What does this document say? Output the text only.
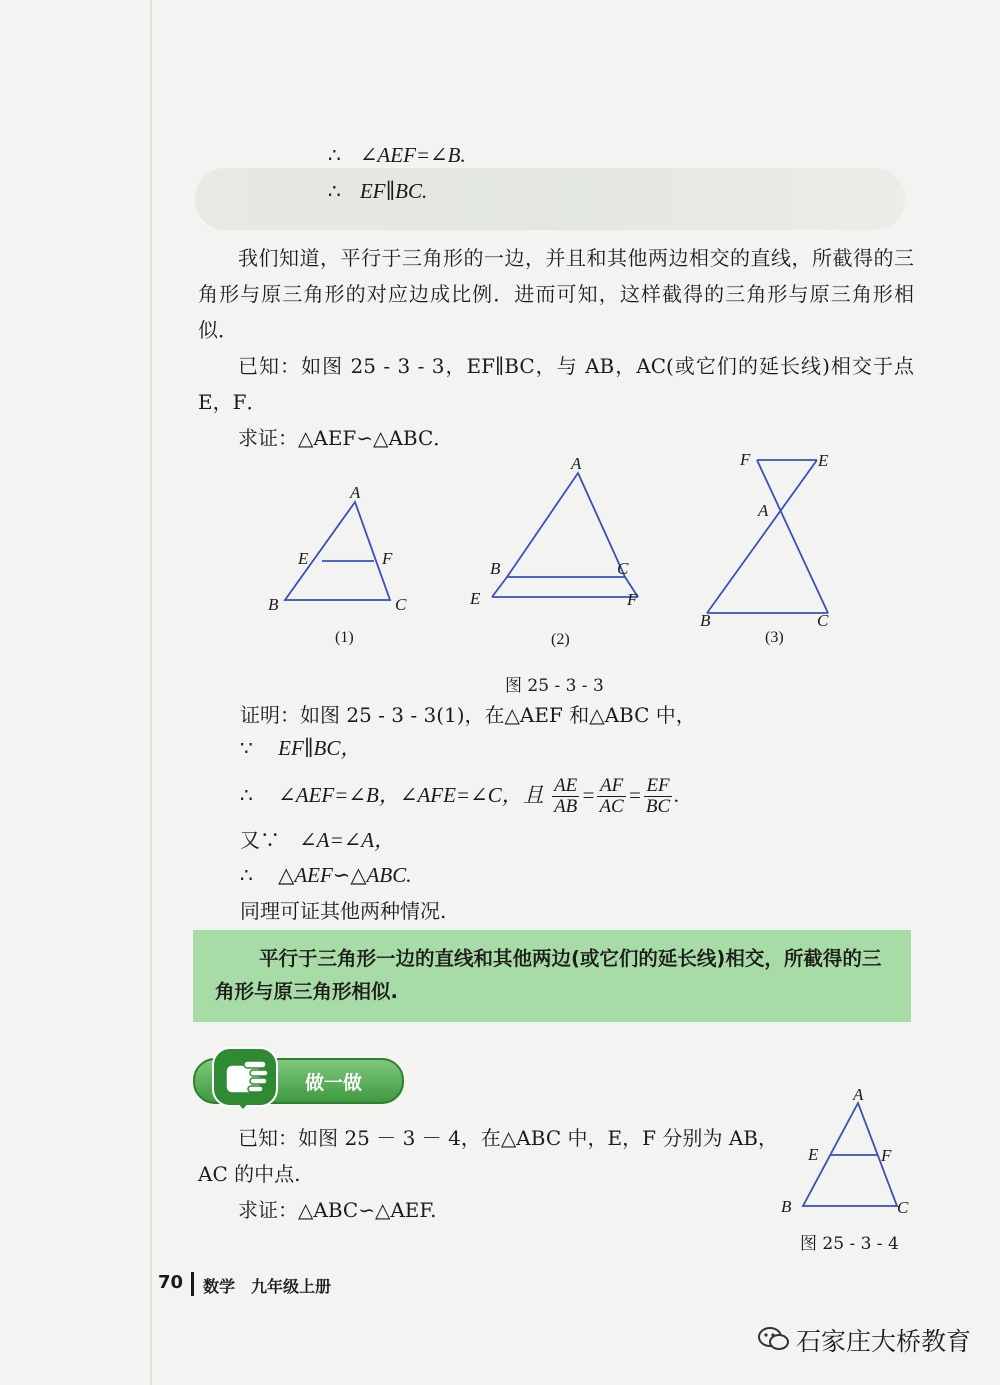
∴ ∠AEF=∠B.
∴ EF∥BC.
我们知道，平行于三角形的一边，并且和其他两边相交的直线，所截得的三角形与原三角形的对应边成比例．进而可知，这样截得的三角形与原三角形相似．
已知：如图 25 - 3 - 3，EF∥BC，与 AB，AC(或它们的延长线)相交于点 E，F．
求证：△AEF∽△ABC．
A
E	F
B	C
A
B	C
E	F
F	E
A
B	C
(1)	(2)	(3)
图 25 - 3 - 3
证明：如图 25 - 3 - 3(1)，在△AEF 和△ABC 中，
∵ EF∥BC，
∴ ∠AEF=∠B，∠AFE=∠C，且 $\frac{AE}{AB} = \frac{AF}{AC} = \frac{EF}{BC}$ .
又∵ ∠A=∠A，
∴ △AEF∽△ABC.
同理可证其他两种情况.
平行于三角形一边的直线和其他两边(或它们的延长线)相交，所截得的三角形与原三角形相似.
做一做
已知：如图 25 － 3 － 4，在△ABC 中，E，F 分别为 AB，AC 的中点.
求证：△ABC∽△AEF.
A
E	F
B	C
图 25 - 3 - 4
70 数学　九年级上册
石家庄大桥教育
